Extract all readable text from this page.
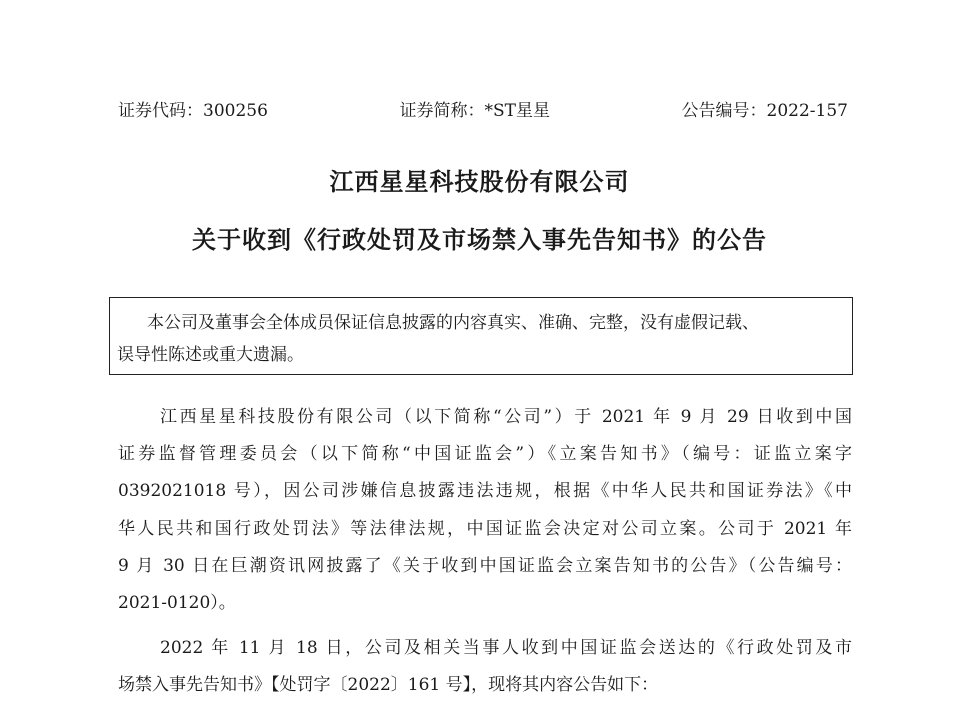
证券代码：300256	证券简称：*ST星星	公告编号：2022-157
江西星星科技股份有限公司
关于收到《行政处罚及市场禁入事先告知书》的公告
本公司及董事会全体成员保证信息披露的内容真实、准确、完整，没有虚假记载、
误导性陈述或重大遗漏。
江西星星科技股份有限公司（以下简称“公司”）于 2021 年 9 月 29 日收到中国
证券监督管理委员会（以下简称“中国证监会”）《立案告知书》（编号：证监立案字
0392021018 号），因公司涉嫌信息披露违法违规，根据《中华人民共和国证券法》《中
华人民共和国行政处罚法》等法律法规，中国证监会决定对公司立案。公司于 2021 年
9 月 30 日在巨潮资讯网披露了《关于收到中国证监会立案告知书的公告》（公告编号：
2021-0120）。
2022 年 11 月 18 日，公司及相关当事人收到中国证监会送达的《行政处罚及市
场禁入事先告知书》【处罚字〔2022〕161 号】，现将其内容公告如下：
